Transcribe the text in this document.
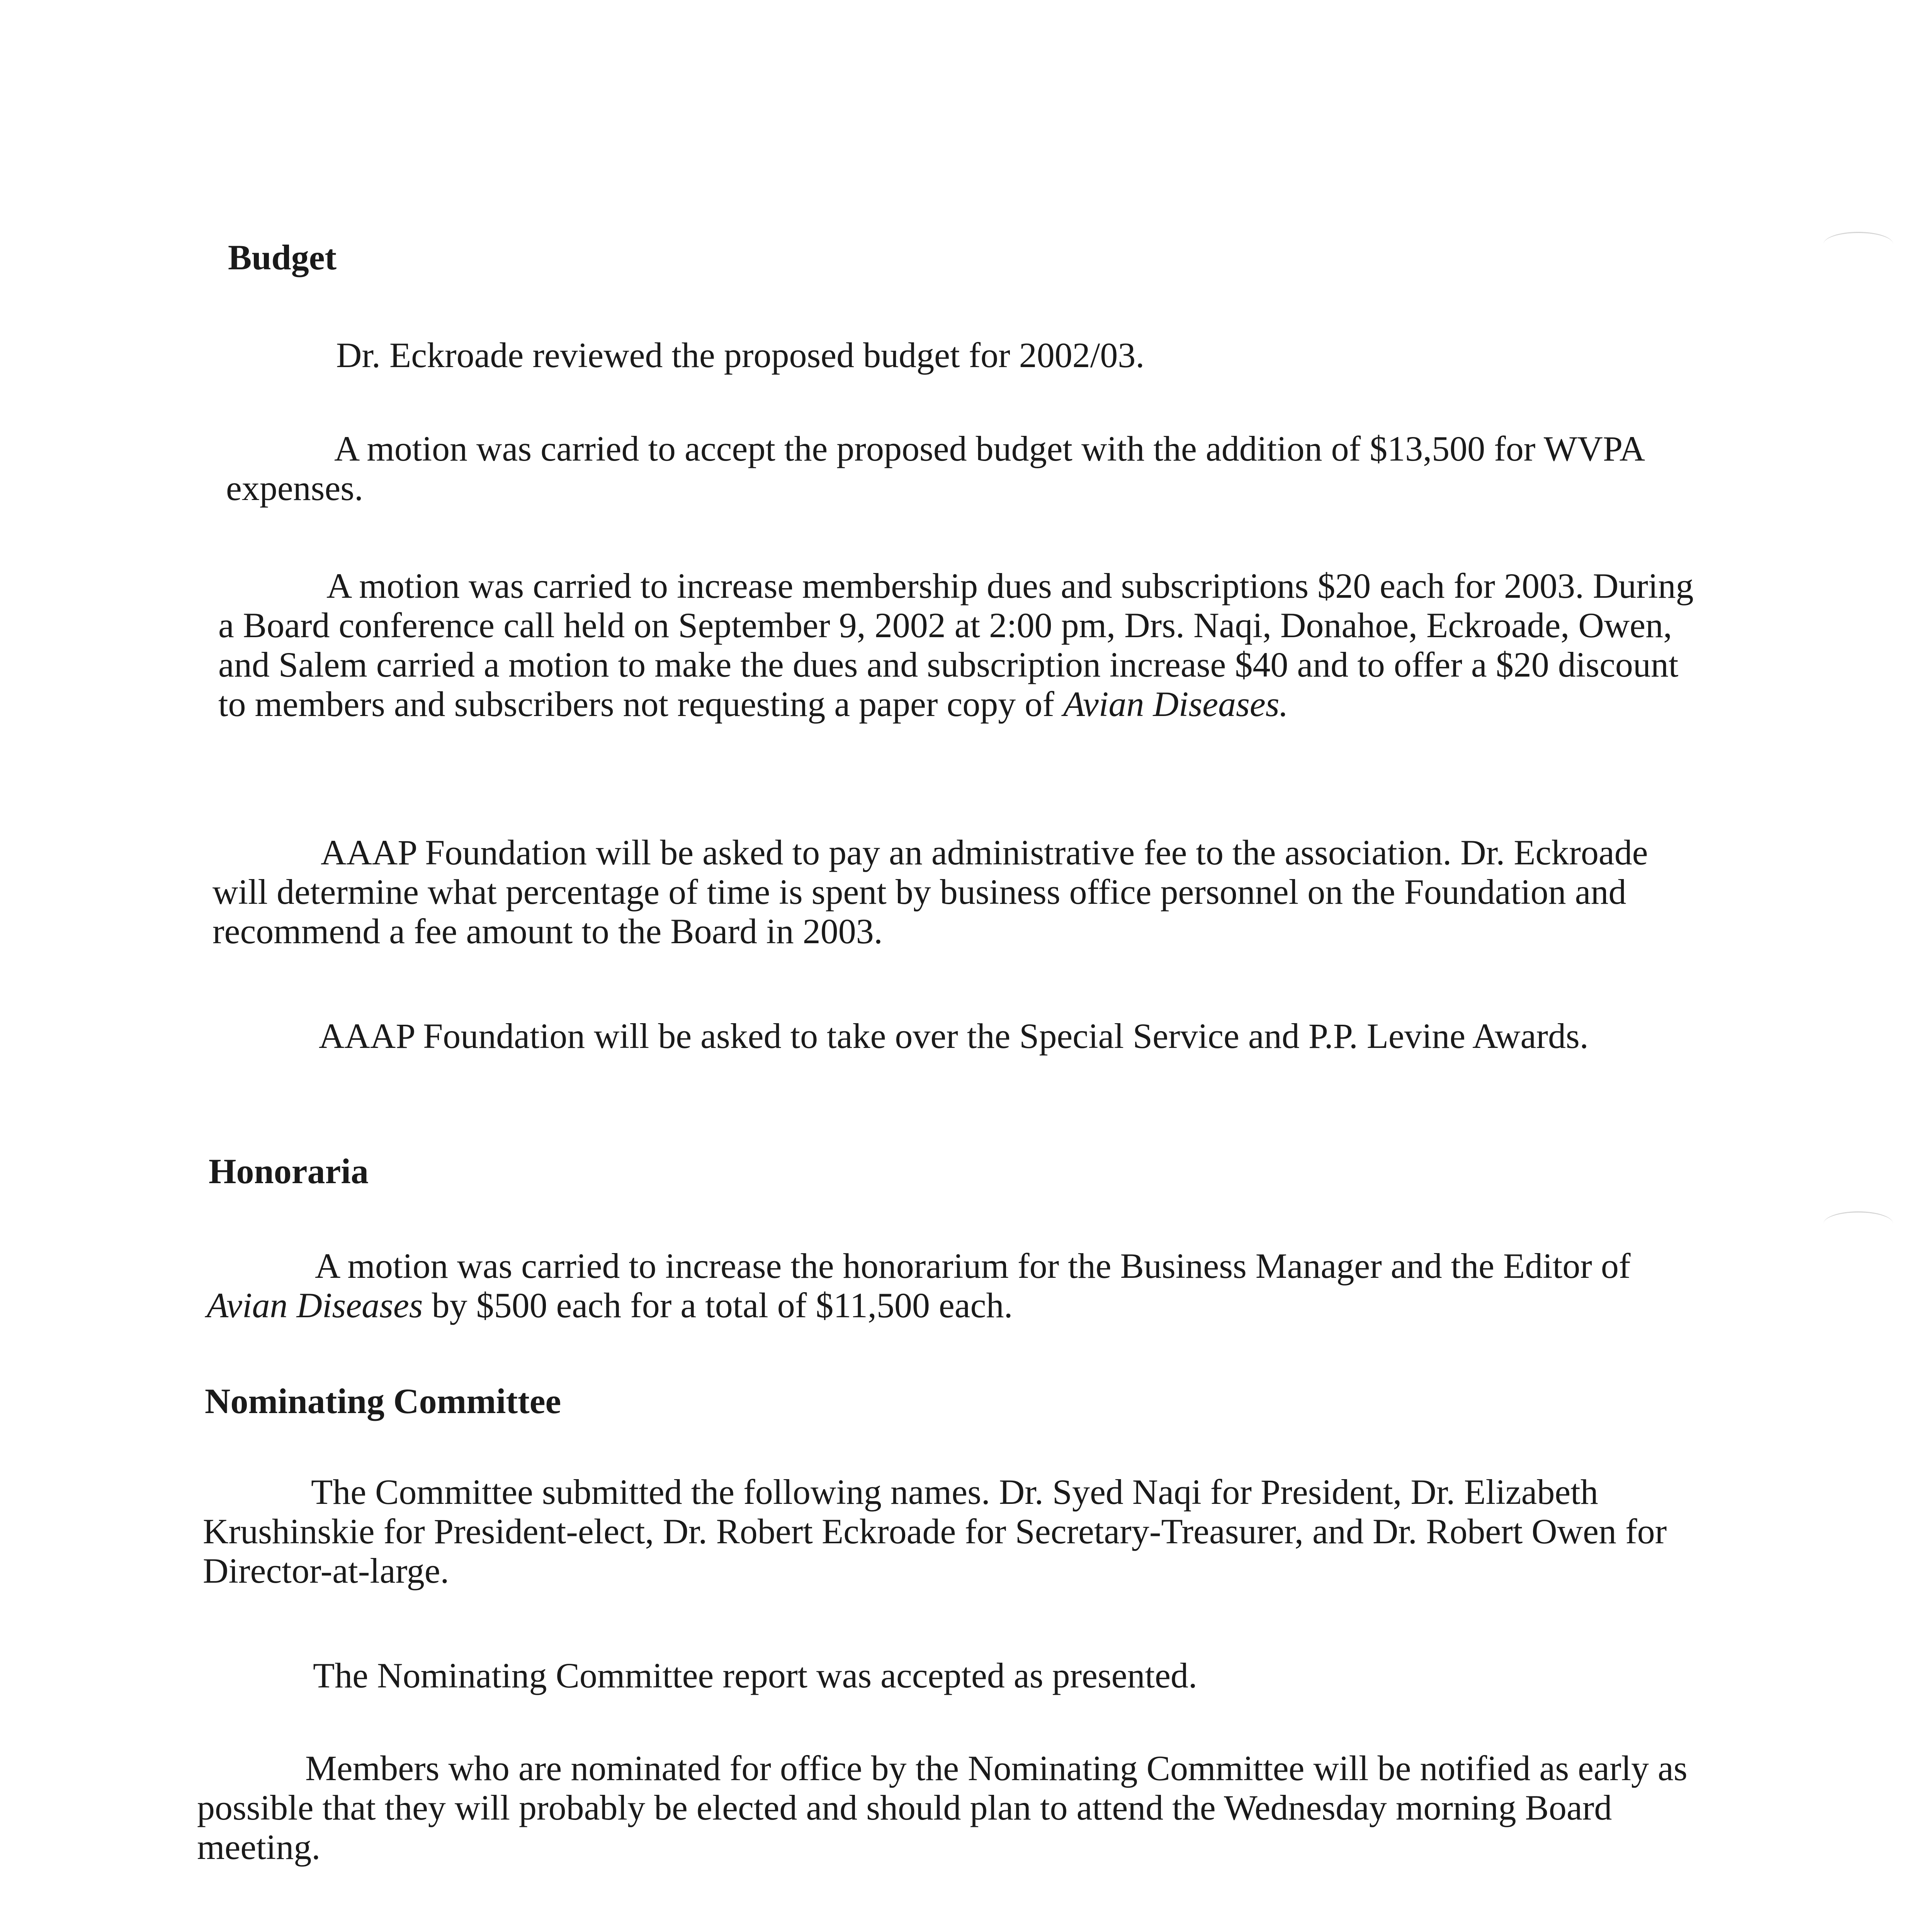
Budget

Dr. Eckroade reviewed the proposed budget for 2002/03.

A motion was carried to accept the proposed budget with the addition of $13,500 for WVPA expenses.

A motion was carried to increase membership dues and subscriptions $20 each for 2003. During a Board conference call held on September 9, 2002 at 2:00 pm, Drs. Naqi, Donahoe, Eckroade, Owen, and Salem carried a motion to make the dues and subscription increase $40 and to offer a $20 discount to members and subscribers not requesting a paper copy of Avian Diseases.

AAAP Foundation will be asked to pay an administrative fee to the association. Dr. Eckroade will determine what percentage of time is spent by business office personnel on the Foundation and recommend a fee amount to the Board in 2003.

AAAP Foundation will be asked to take over the Special Service and P.P. Levine Awards.

Honoraria

A motion was carried to increase the honorarium for the Business Manager and the Editor of Avian Diseases by $500 each for a total of $11,500 each.

Nominating Committee

The Committee submitted the following names. Dr. Syed Naqi for President, Dr. Elizabeth Krushinskie for President-elect, Dr. Robert Eckroade for Secretary-Treasurer, and Dr. Robert Owen for Director-at-large.

The Nominating Committee report was accepted as presented.

Members who are nominated for office by the Nominating Committee will be notified as early as possible that they will probably be elected and should plan to attend the Wednesday morning Board meeting.
